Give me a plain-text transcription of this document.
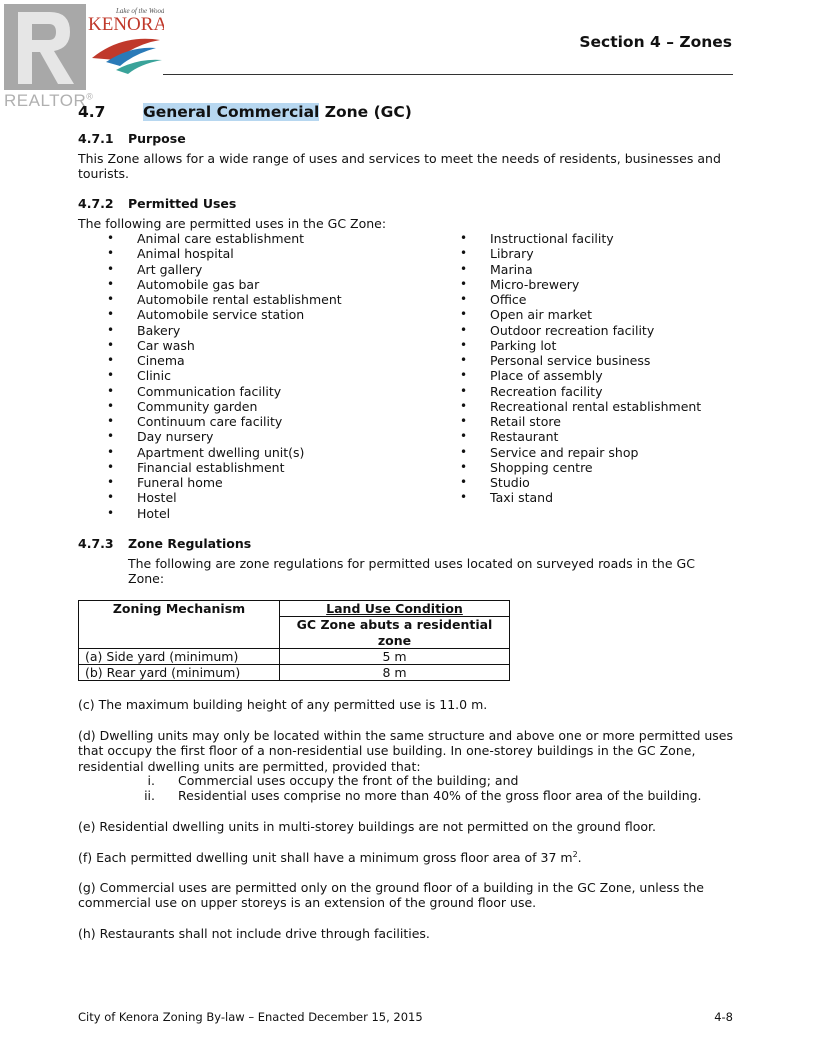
REALTOR®
Lake of the Woods
KENORA
Section 4 – Zones
4.7 General Commercial Zone (GC)
4.7.1 Purpose
This Zone allows for a wide range of uses and services to meet the needs of residents, businesses and tourists.
4.7.2 Permitted Uses
The following are permitted uses in the GC Zone:
• Animal care establishment
• Animal hospital
• Art gallery
• Automobile gas bar
• Automobile rental establishment
• Automobile service station
• Bakery
• Car wash
• Cinema
• Clinic
• Communication facility
• Community garden
• Continuum care facility
• Day nursery
• Apartment dwelling unit(s)
• Financial establishment
• Funeral home
• Hostel
• Hotel
• Instructional facility
• Library
• Marina
• Micro-brewery
• Office
• Open air market
• Outdoor recreation facility
• Parking lot
• Personal service business
• Place of assembly
• Recreation facility
• Recreational rental establishment
• Retail store
• Restaurant
• Service and repair shop
• Shopping centre
• Studio
• Taxi stand
4.7.3 Zone Regulations
The following are zone regulations for permitted uses located on surveyed roads in the GC Zone:
Zoning Mechanism	Land Use Condition
	GC Zone abuts a residential zone
(a) Side yard (minimum)	5 m
(b) Rear yard (minimum)	8 m
(c) The maximum building height of any permitted use is 11.0 m.
(d) Dwelling units may only be located within the same structure and above one or more permitted uses that occupy the first floor of a non-residential use building. In one-storey buildings in the GC Zone, residential dwelling units are permitted, provided that:
i. Commercial uses occupy the front of the building; and
ii. Residential uses comprise no more than 40% of the gross floor area of the building.
(e) Residential dwelling units in multi-storey buildings are not permitted on the ground floor.
(f) Each permitted dwelling unit shall have a minimum gross floor area of 37 $m^2$.
(g) Commercial uses are permitted only on the ground floor of a building in the GC Zone, unless the commercial use on upper storeys is an extension of the ground floor use.
(h) Restaurants shall not include drive through facilities.
City of Kenora Zoning By-law – Enacted December 15, 2015	4-8
